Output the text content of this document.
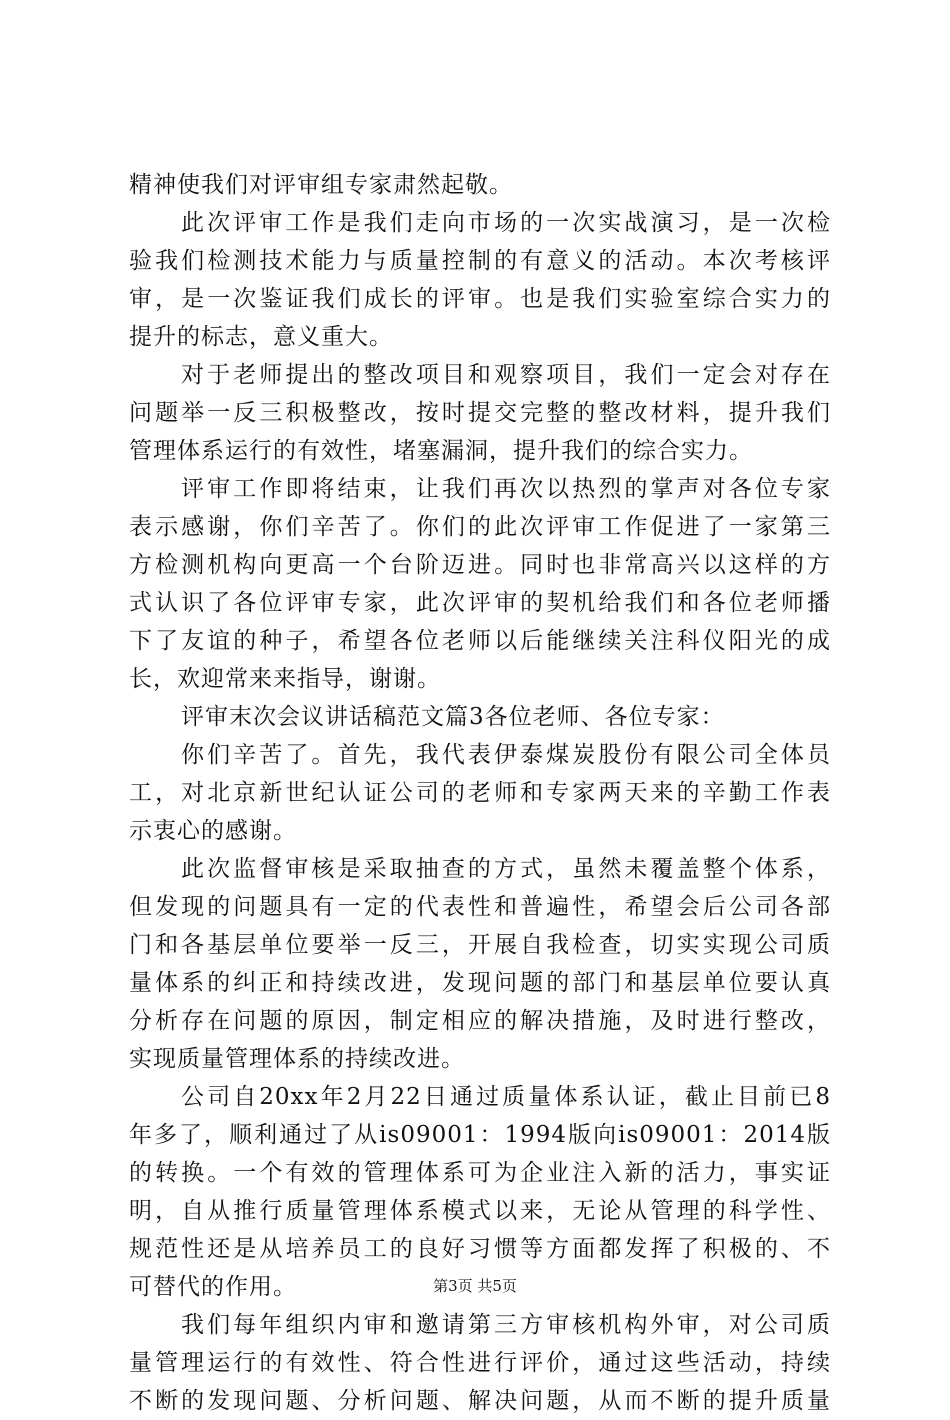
精神使我们对评审组专家肃然起敬。
此次评审工作是我们走向市场的一次实战演习，是一次检
验我们检测技术能力与质量控制的有意义的活动。本次考核评
审，是一次鉴证我们成长的评审。也是我们实验室综合实力的
提升的标志，意义重大。
对于老师提出的整改项目和观察项目，我们一定会对存在
问题举一反三积极整改，按时提交完整的整改材料，提升我们
管理体系运行的有效性，堵塞漏洞，提升我们的综合实力。
评审工作即将结束，让我们再次以热烈的掌声对各位专家
表示感谢，你们辛苦了。你们的此次评审工作促进了一家第三
方检测机构向更高一个台阶迈进。同时也非常高兴以这样的方
式认识了各位评审专家，此次评审的契机给我们和各位老师播
下了友谊的种子，希望各位老师以后能继续关注科仪阳光的成
长，欢迎常来来指导，谢谢。
评审末次会议讲话稿范文篇3各位老师、各位专家：
你们辛苦了。首先，我代表伊泰煤炭股份有限公司全体员
工，对北京新世纪认证公司的老师和专家两天来的辛勤工作表
示衷心的感谢。
此次监督审核是采取抽查的方式，虽然未覆盖整个体系，
但发现的问题具有一定的代表性和普遍性，希望会后公司各部
门和各基层单位要举一反三，开展自我检查，切实实现公司质
量体系的纠正和持续改进，发现问题的部门和基层单位要认真
分析存在问题的原因，制定相应的解决措施，及时进行整改，
实现质量管理体系的持续改进。
公司自20xx年2月22日通过质量体系认证，截止目前已8
年多了，顺利通过了从is09001：1994版向is09001：2014版
的转换。一个有效的管理体系可为企业注入新的活力，事实证
明，自从推行质量管理体系模式以来，无论从管理的科学性、
规范性还是从培养员工的良好习惯等方面都发挥了积极的、不
可替代的作用。
我们每年组织内审和邀请第三方审核机构外审，对公司质
量管理运行的有效性、符合性进行评价，通过这些活动，持续
不断的发现问题、分析问题、解决问题，从而不断的提升质量
第3页 共5页
